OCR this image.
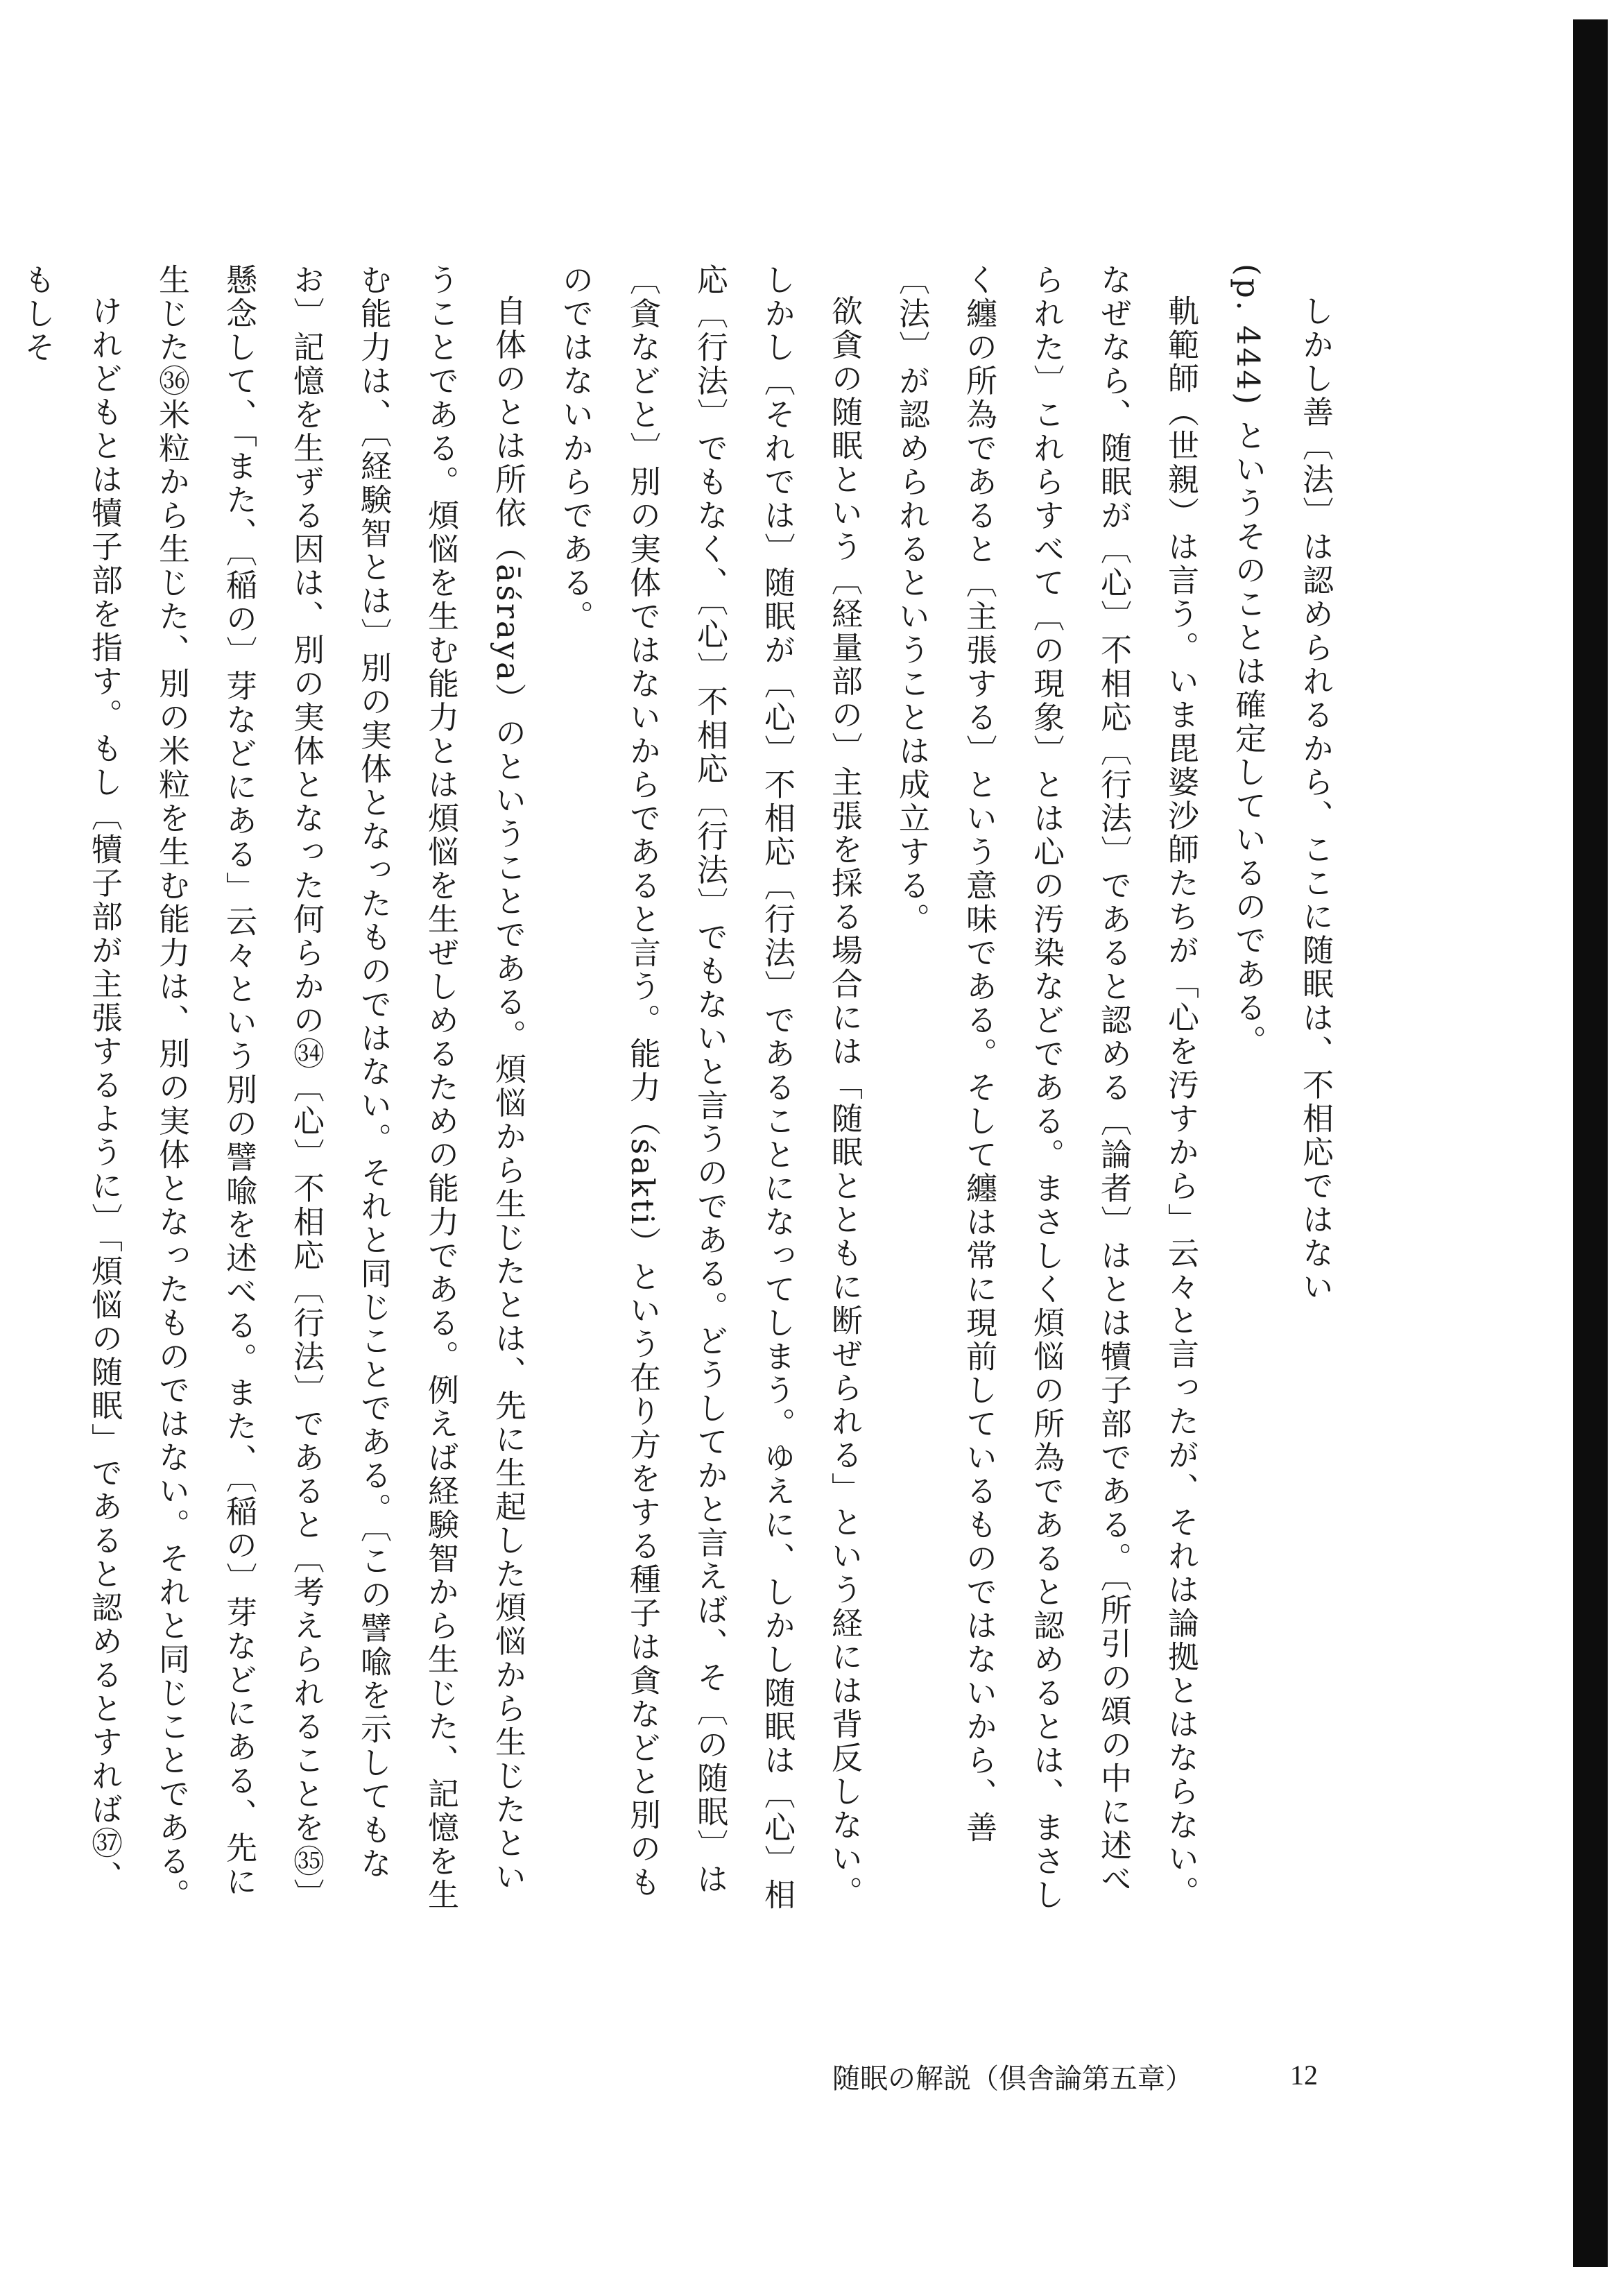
しかし善〔法〕は認められるから、ここに随眠は、不相応ではない

(p. 444) というそのことは確定しているのである。

軌範師（世親）は言う。いま毘婆沙師たちが「心を汚すから」云々と言ったが、それは論拠とはならない。なぜなら、随眠が〔心〕不相応〔行法〕であると認める〔論者〕はとは犢子部である。〔所引の頌の中に述べられた〕これらすべて〔の現象〕とは心の汚染などである。まさしく煩悩の所為であると認めるとは、まさしく纏の所為であると〔主張する〕という意味である。そして纏は常に現前しているものではないから、善〔法〕が認められるということは成立する。

欲貪の随眠という〔経量部の〕主張を採る場合には「随眠とともに断ぜられる」という経には背反しない。しかし〔それでは〕随眠が〔心〕不相応〔行法〕であることになってしまう。ゆえに、しかし随眠は〔心〕相応〔行法〕でもなく、〔心〕不相応〔行法〕でもないと言うのである。どうしてかと言えば、そ〔の随眠〕は〔貪などと〕別の実体ではないからであると言う。能力（śakti）という在り方をする種子は貪などと別のものではないからである。

自体のとは所依（āśraya）のということである。煩悩から生じたとは、先に生起した煩悩から生じたということである。煩悩を生む能力とは煩悩を生ぜしめるための能力である。例えば経験智から生じた、記憶を生む能力は、〔経験智とは〕別の実体となったものではない。それと同じことである。〔この譬喩を示してもなお〕記憶を生ずる因は、別の実体となった何らかの㉞〔心〕不相応〔行法〕であると〔考えられることを㉟〕懸念して、「また、〔稲の〕芽などにある」云々という別の譬喩を述べる。また、〔稲の〕芽などにある、先に生じた㊱米粒から生じた、別の米粒を生む能力は、別の実体となったものではない。それと同じことである。

けれどもとは犢子部を指す。もし〔犢子部が主張するように〕「煩悩の随眠」であると認めるとすれば㊲、もしそ

随眠の解説（倶舎論第五章）	12
